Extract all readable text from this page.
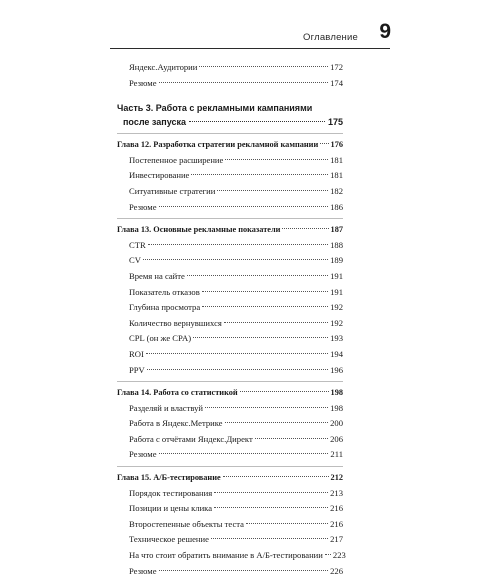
Оглавление 9
Яндекс.Аудитории	172
Резюме	174
Часть 3. Работа с рекламными кампаниями
после запуска	175
Глава 12. Разработка стратегии рекламной кампании 176
Постепенное расширение	181
Инвестирование	181
Ситуативные стратегии	182
Резюме	186
Глава 13. Основные рекламные показатели	187
CTR	188
CV	189
Время на сайте	191
Показатель отказов	191
Глубина просмотра	192
Количество вернувшихся	192
CPL (он же CPA)	193
ROI	194
PPV	196
Глава 14. Работа со статистикой	198
Разделяй и властвуй	198
Работа в Яндекс.Метрике	200
Работа с отчётами Яндекс.Директ	206
Резюме	211
Глава 15. А/Б-тестирование	212
Порядок тестирования	213
Позиции и цены клика	216
Второстепенные объекты теста	216
Техническое решение	217
На что стоит обратить внимание в А/Б-тестировании 223
Резюме	226
